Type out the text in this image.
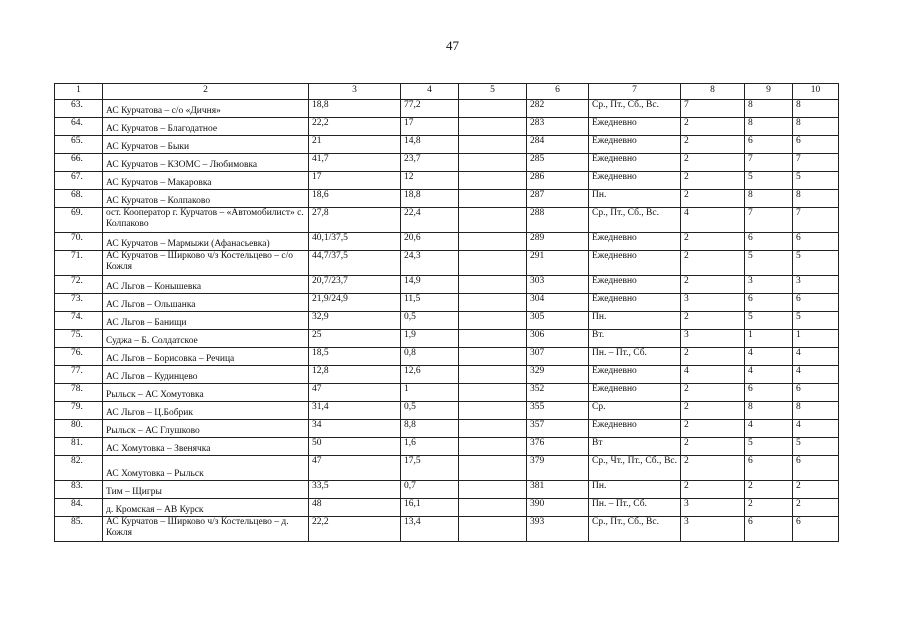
47
1	2	3	4	5	6	7	8	9	10
63.	АС Курчатова – с/о «Дичня»	18,8	77,2		282	Ср., Пт., Сб., Вс.	7	8	8
64.	АС Курчатов – Благодатное	22,2	17		283	Ежедневно	2	8	8
65.	АС Курчатов – Быки	21	14,8		284	Ежедневно	2	6	6
66.	АС Курчатов – КЗОМС – Любимовка	41,7	23,7		285	Ежедневно	2	7	7
67.	АС Курчатов – Макаровка	17	12		286	Ежедневно	2	5	5
68.	АС Курчатов – Колпаково	18,6	18,8		287	Пн.	2	8	8
69.	ост. Кооператор г. Курчатов – «Автомобилист» с. Колпаково	27,8	22,4		288	Ср., Пт., Сб., Вс.	4	7	7
70.	АС Курчатов – Мармыжи (Афанасьевка)	40,1/37,5	20,6		289	Ежедневно	2	6	6
71.	АС Курчатов – Ширково ч/з Костельцево – с/о Кожля	44,7/37,5	24,3		291	Ежедневно	2	5	5
72.	АС Льгов – Конышевка	20,7/23,7	14,9		303	Ежедневно	2	3	3
73.	АС Льгов – Ольшанка	21,9/24,9	11,5		304	Ежедневно	3	6	6
74.	АС Льгов – Банищи	32,9	0,5		305	Пн.	2	5	5
75.	Суджа – Б. Солдатское	25	1,9		306	Вт.	3	1	1
76.	АС Льгов – Борисовка – Речица	18,5	0,8		307	Пн. – Пт., Сб.	2	4	4
77.	АС Льгов – Кудинцево	12,8	12,6		329	Ежедневно	4	4	4
78.	Рыльск – АС Хомутовка	47	1		352	Ежедневно	2	6	6
79.	АС Льгов – Ц.Бобрик	31,4	0,5		355	Ср.	2	8	8
80.	Рыльск – АС Глушково	34	8,8		357	Ежедневно	2	4	4
81.	АС Хомутовка – Звенячка	50	1,6		376	Вт	2	5	5
82.	АС Хомутовка – Рыльск	47	17,5		379	Ср., Чт., Пт., Сб., Вс.	2	6	6
83.	Тим – Щигры	33,5	0,7		381	Пн.	2	2	2
84.	д. Кромская – АВ Курск	48	16,1		390	Пн. – Пт., Сб.	3	2	2
85.	АС Курчатов – Ширково ч/з Костельцево – д. Кожля	22,2	13,4		393	Ср., Пт., Сб., Вс.	3	6	6
